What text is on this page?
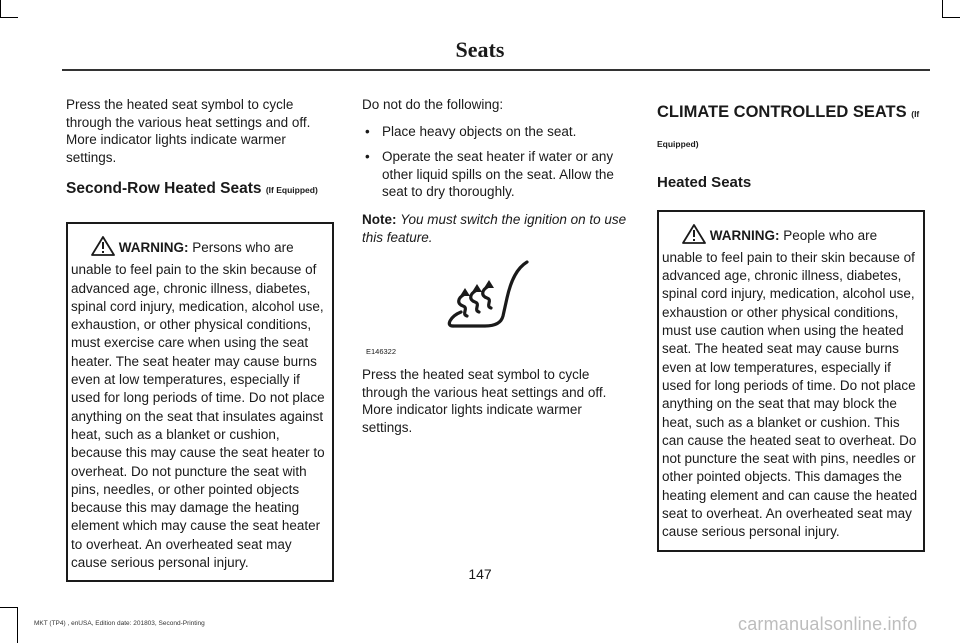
Seats

Press the heated seat symbol to cycle through the various heat settings and off. More indicator lights indicate warmer settings.

Second-Row Heated Seats (If Equipped)
WARNING: Persons who are unable to feel pain to the skin because of advanced age, chronic illness, diabetes, spinal cord injury, medication, alcohol use, exhaustion, or other physical conditions, must exercise care when using the seat heater. The seat heater may cause burns even at low temperatures, especially if used for long periods of time. Do not place anything on the seat that insulates against heat, such as a blanket or cushion, because this may cause the seat heater to overheat. Do not puncture the seat with pins, needles, or other pointed objects because this may damage the heating element which may cause the seat heater to overheat. An overheated seat may cause serious personal injury.

Do not do the following:

• Place heavy objects on the seat.
• Operate the seat heater if water or any other liquid spills on the seat. Allow the seat to dry thoroughly.

Note: You must switch the ignition on to use this feature.

E146322

Press the heated seat symbol to cycle through the various heat settings and off. More indicator lights indicate warmer settings.

CLIMATE CONTROLLED SEATS (If
Equipped)
Heated Seats
WARNING: People who are unable to feel pain to their skin because of advanced age, chronic illness, diabetes, spinal cord injury, medication, alcohol use, exhaustion or other physical conditions, must use caution when using the heated seat. The heated seat may cause burns even at low temperatures, especially if used for long periods of time. Do not place anything on the seat that may block the heat, such as a blanket or cushion. This can cause the heated seat to overheat. Do not puncture the seat with pins, needles or other pointed objects. This damages the heating element and can cause the heated seat to overheat. An overheated seat may cause serious personal injury.
147
MKT (TP4) , enUSA, Edition date: 201803, Second-Printing	carmanualsonline.info
